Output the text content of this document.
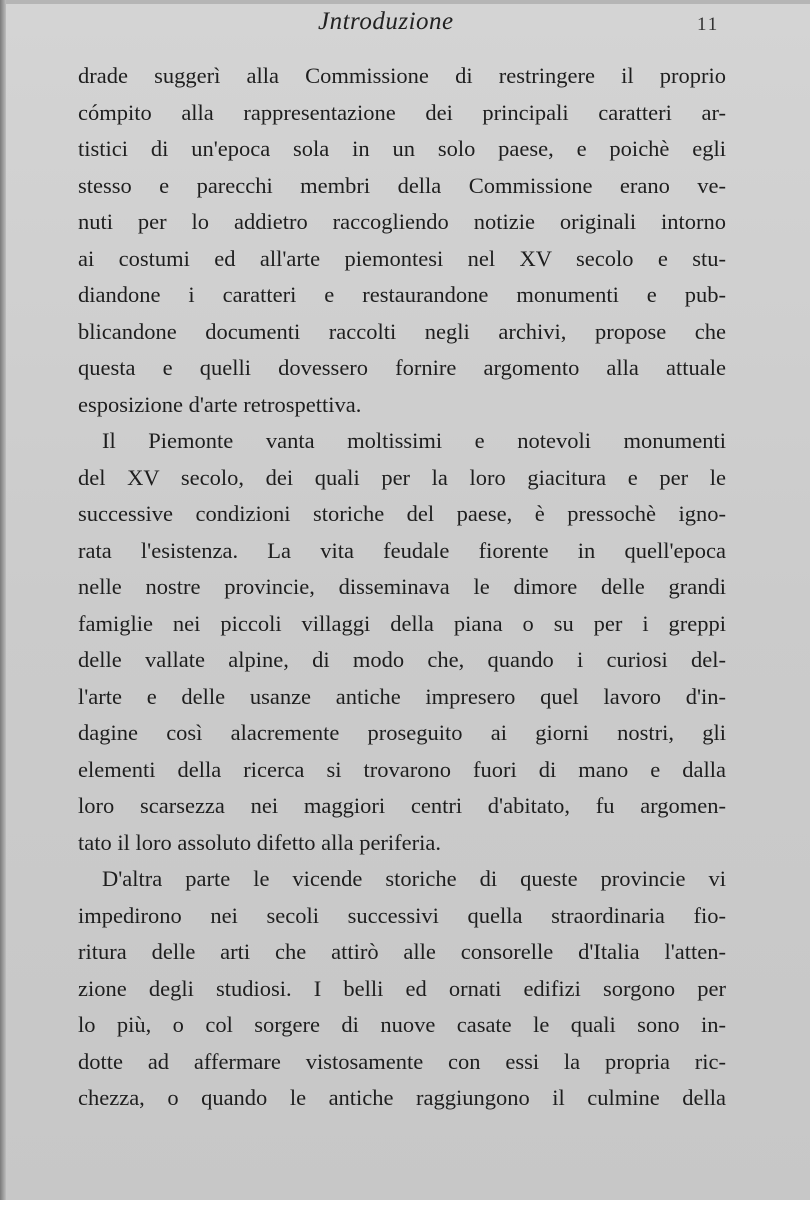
Jntroduzione	11
drade suggerì alla Commissione di restringere il proprio
cómpito alla rappresentazione dei principali caratteri ar-
tistici di un'epoca sola in un solo paese, e poichè egli
stesso e parecchi membri della Commissione erano ve-
nuti per lo addietro raccogliendo notizie originali intorno
ai costumi ed all'arte piemontesi nel XV secolo e stu-
diandone i caratteri e restaurandone monumenti e pub-
blicandone documenti raccolti negli archivi, propose che
questa e quelli dovessero fornire argomento alla attuale
esposizione d'arte retrospettiva.
Il Piemonte vanta moltissimi e notevoli monumenti
del XV secolo, dei quali per la loro giacitura e per le
successive condizioni storiche del paese, è pressochè igno-
rata l'esistenza. La vita feudale fiorente in quell'epoca
nelle nostre provincie, disseminava le dimore delle grandi
famiglie nei piccoli villaggi della piana o su per i greppi
delle vallate alpine, di modo che, quando i curiosi del-
l'arte e delle usanze antiche impresero quel lavoro d'in-
dagine così alacremente proseguito ai giorni nostri, gli
elementi della ricerca si trovarono fuori di mano e dalla
loro scarsezza nei maggiori centri d'abitato, fu argomen-
tato il loro assoluto difetto alla periferia.
D'altra parte le vicende storiche di queste provincie vi
impedirono nei secoli successivi quella straordinaria fio-
ritura delle arti che attirò alle consorelle d'Italia l'atten-
zione degli studiosi. I belli ed ornati edifizi sorgono per
lo più, o col sorgere di nuove casate le quali sono in-
dotte ad affermare vistosamente con essi la propria ric-
chezza, o quando le antiche raggiungono il culmine della
